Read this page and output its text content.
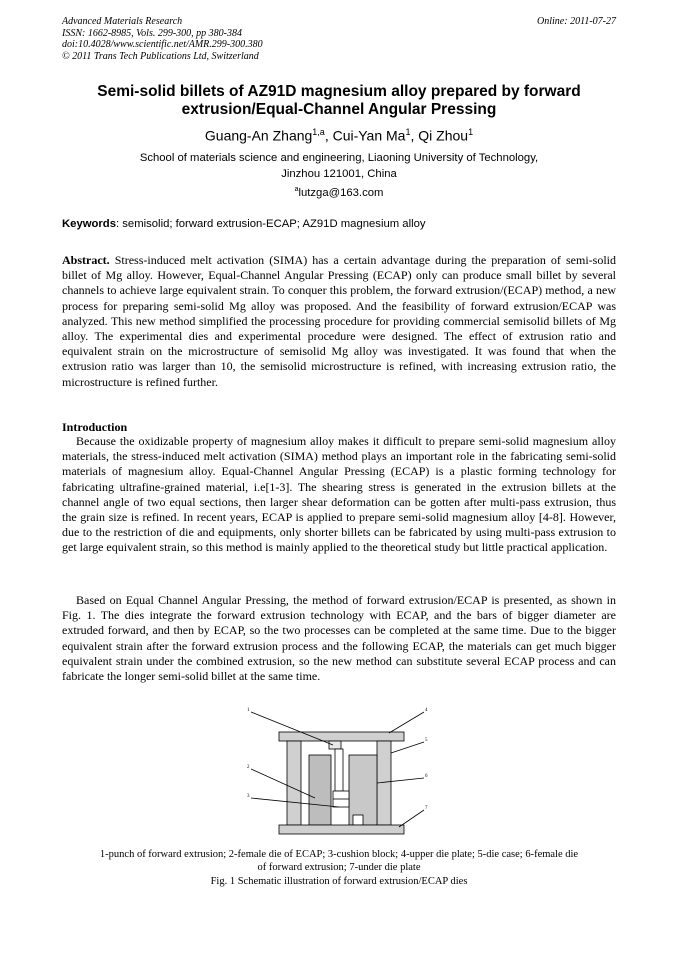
Advanced Materials Research
ISSN: 1662-8985, Vols. 299-300, pp 380-384
doi:10.4028/www.scientific.net/AMR.299-300.380
© 2011 Trans Tech Publications Ltd, Switzerland
Online: 2011-07-27
Semi-solid billets of AZ91D magnesium alloy prepared by forward
extrusion/Equal-Channel Angular Pressing
Guang-An Zhang$^{1,a}$, Cui-Yan Ma$^1$, Qi Zhou$^1$
School of materials science and engineering, Liaoning University of Technology,
Jinzhou 121001, China
$^a$lutzga@163.com
Keywords: semisolid; forward extrusion-ECAP; AZ91D magnesium alloy
Abstract. Stress-induced melt activation (SIMA) has a certain advantage during the preparation of semi-solid billet of Mg alloy. However, Equal-Channel Angular Pressing (ECAP) only can produce small billet by several channels to achieve large equivalent strain. To conquer this problem, the forward extrusion/(ECAP) method, a new process for preparing semi-solid Mg alloy was proposed. And the feasibility of forward extrusion/ECAP was analyzed. This new method simplified the processing procedure for providing commercial semisolid billets of Mg alloy. The experimental dies and experimental procedure were designed. The effect of extrusion ratio and equivalent strain on the microstructure of semisolid Mg alloy was investigated. It was found that when the extrusion ratio was larger than 10, the semisolid microstructure is refined, with increasing extrusion ratio, the microstructure is refined further.
Introduction
Because the oxidizable property of magnesium alloy makes it difficult to prepare semi-solid magnesium alloy materials, the stress-induced melt activation (SIMA) method plays an important role in the fabricating semi-solid materials of magnesium alloy. Equal-Channel Angular Pressing (ECAP) is a plastic forming technology for fabricating ultrafine-grained material, i.e[1-3]. The shearing stress is generated in the extrusion billets at the channel angle of two equal sections, then larger shear deformation can be gotten after multi-pass extrusion, thus the grain size is refined. In recent years, ECAP is applied to prepare semi-solid magnesium alloy [4-8]. However, due to the restriction of die and equipments, only shorter billets can be fabricated by using multi-pass extrusion to get large equivalent strain, so this method is mainly applied to the theoretical study but little practical application.
Based on Equal Channel Angular Pressing, the method of forward extrusion/ECAP is presented, as shown in Fig. 1. The dies integrate the forward extrusion technology with ECAP, and the bars of bigger diameter are extruded forward, and then by ECAP, so the two processes can be completed at the same time. Due to the bigger equivalent strain after the forward extrusion process and the following ECAP, the materials can get much bigger equivalent strain under the combined extrusion, so the new method can substitute several ECAP process and can fabricate the longer semi-solid billet at the same time.
1
2
3
4
5
6
7
1-punch of forward extrusion; 2-female die of ECAP; 3-cushion block; 4-upper die plate; 5-die case; 6-female die
of forward extrusion; 7-under die plate
Fig. 1 Schematic illustration of forward extrusion/ECAP dies
